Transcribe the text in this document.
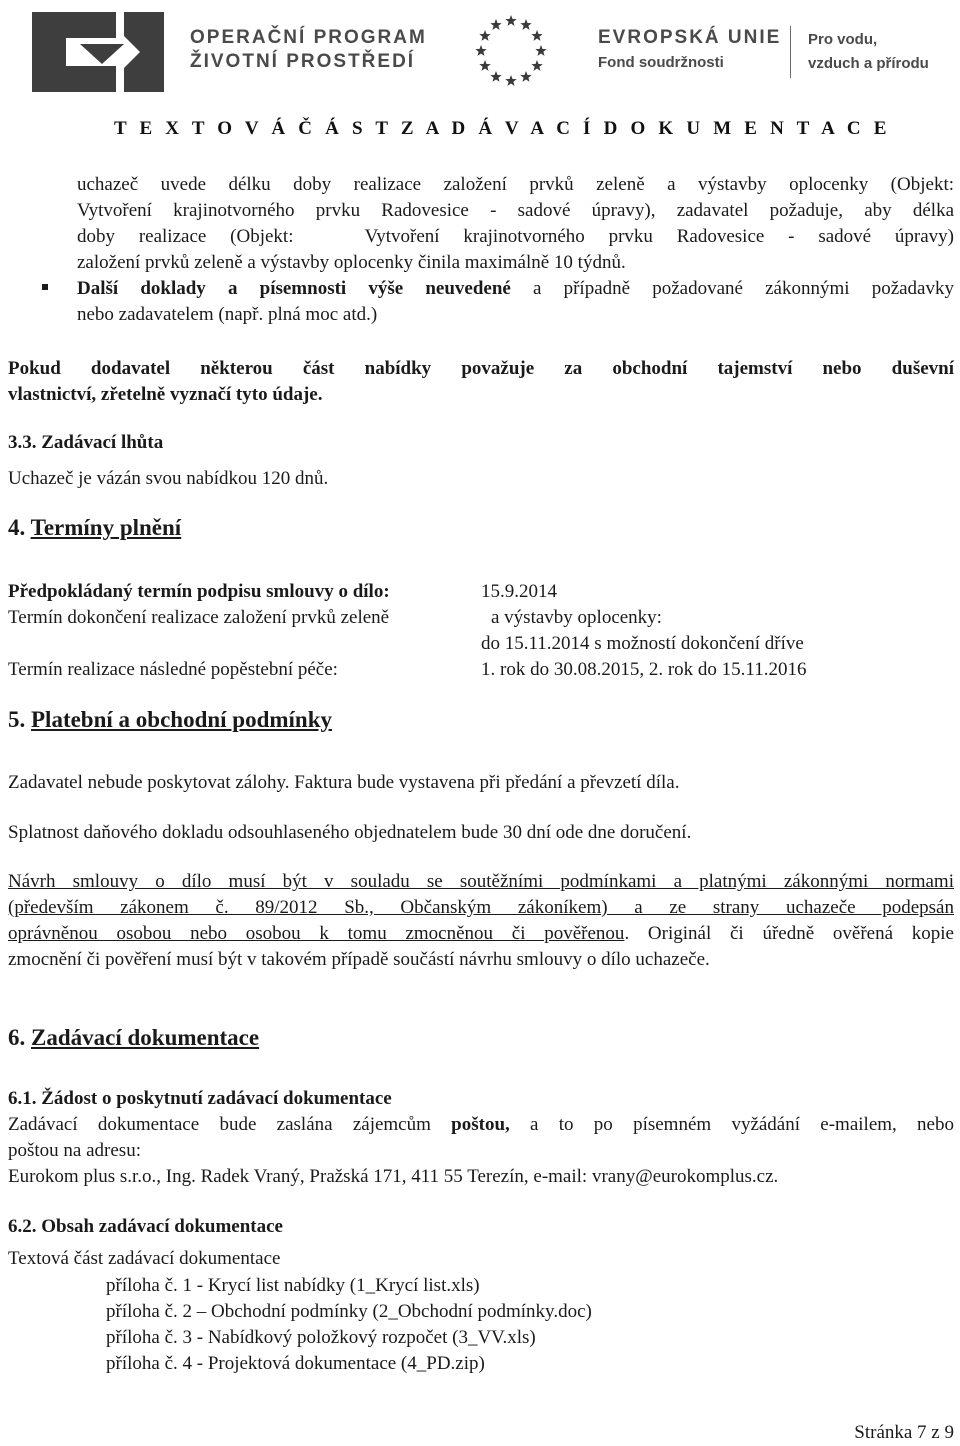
OPERAČNÍ PROGRAM
ŽIVOTNÍ PROSTŘEDÍ
EVROPSKÁ UNIE
Fond soudržnosti
Pro vodu,
vzduch a přírodu
T E X T O V Á Č Á S T Z A D Á V A C Í D O K U M E N T A C E
uchazeč uvede délku doby realizace založení prvků zeleně a výstavby oplocenky (Objekt:
Vytvoření krajinotvorného prvku Radovesice - sadové úpravy), zadavatel požaduje, aby délka
doby realizace (Objekt:   Vytvoření krajinotvorného prvku Radovesice - sadové úpravy)
založení prvků zeleně a výstavby oplocenky činila maximálně 10 týdnů.
Další doklady a písemnosti výše neuvedené a případně požadované zákonnými požadavky
nebo zadavatelem (např. plná moc atd.)
Pokud dodavatel některou část nabídky považuje za obchodní tajemství nebo duševní
vlastnictví, zřetelně vyznačí tyto údaje.
3.3. Zadávací lhůta
Uchazeč je vázán svou nabídkou 120 dnů.
4. Termíny plnění
Předpokládaný termín podpisu smlouvy o dílo:	15.9.2014
Termín dokončení realizace založení prvků zeleně	a výstavby oplocenky:
do 15.11.2014 s možností dokončení dříve
Termín realizace následné popěstební péče:	1. rok do 30.08.2015, 2. rok do 15.11.2016
5. Platební a obchodní podmínky
Zadavatel nebude poskytovat zálohy. Faktura bude vystavena při předání a převzetí díla.
Splatnost daňového dokladu odsouhlaseného objednatelem bude 30 dní ode dne doručení.
Návrh smlouvy o dílo musí být v souladu se soutěžními podmínkami a platnými zákonnými normami
(především zákonem č. 89/2012 Sb., Občanským zákoníkem) a ze strany uchazeče podepsán
oprávněnou osobou nebo osobou k tomu zmocněnou či pověřenou. Originál či úředně ověřená kopie
zmocnění či pověření musí být v takovém případě součástí návrhu smlouvy o dílo uchazeče.
6. Zadávací dokumentace
6.1. Žádost o poskytnutí zadávací dokumentace
Zadávací dokumentace bude zaslána zájemcům poštou, a to po písemném vyžádání e-mailem, nebo
poštou na adresu:
Eurokom plus s.r.o., Ing. Radek Vraný, Pražská 171, 411 55 Terezín, e-mail: vrany@eurokomplus.cz.
6.2. Obsah zadávací dokumentace
Textová část zadávací dokumentace
příloha č. 1 - Krycí list nabídky (1_Krycí list.xls)
příloha č. 2 – Obchodní podmínky (2_Obchodní podmínky.doc)
příloha č. 3 - Nabídkový položkový rozpočet (3_VV.xls)
příloha č. 4 - Projektová dokumentace (4_PD.zip)
Stránka 7 z 9
